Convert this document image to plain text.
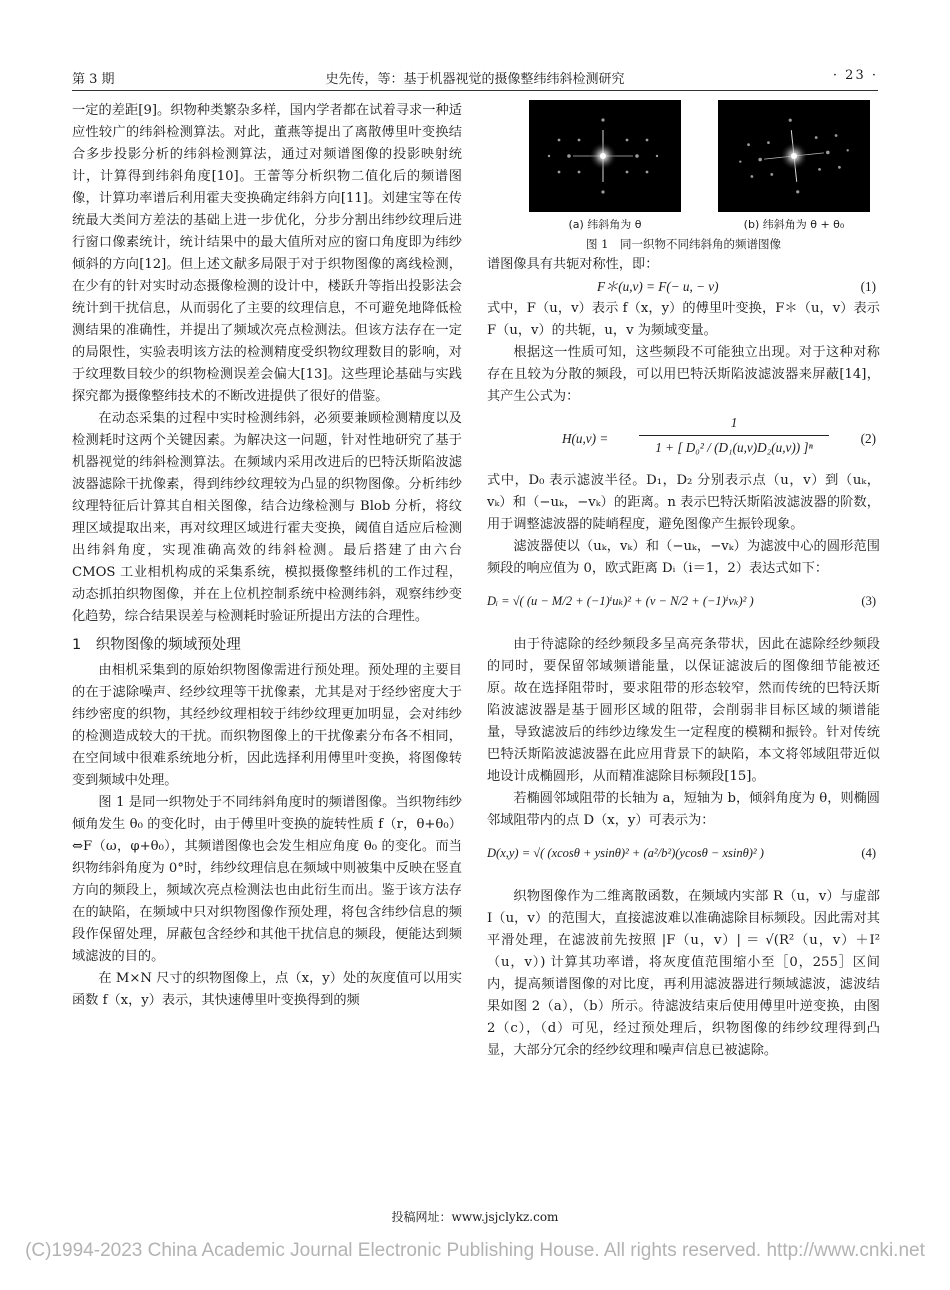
第 3 期	史先传，等：基于机器视觉的摄像整纬纬斜检测研究	· 23 ·

一定的差距[9]。织物种类繁杂多样，国内学者都在试着寻求一种适应性较广的纬斜检测算法。对此，董燕等提出了离散傅里叶变换结合多步投影分析的纬斜检测算法，通过对频谱图像的投影映射统计，计算得到纬斜角度[10]。王蕾等分析织物二值化后的频谱图像，计算功率谱后利用霍夫变换确定纬斜方向[11]。刘建宝等在传统最大类间方差法的基础上进一步优化，分步分割出纬纱纹理后进行窗口像素统计，统计结果中的最大值所对应的窗口角度即为纬纱倾斜的方向[12]。但上述文献多局限于对于织物图像的离线检测，在少有的针对实时动态摄像检测的设计中，楼跃升等指出投影法会统计到干扰信息，从而弱化了主要的纹理信息，不可避免地降低检测结果的准确性，并提出了频域次亮点检测法。但该方法存在一定的局限性，实验表明该方法的检测精度受织物纹理数目的影响，对于纹理数目较少的织物检测误差会偏大[13]。这些理论基础与实践探究都为摄像整纬技术的不断改进提供了很好的借鉴。

在动态采集的过程中实时检测纬斜，必须要兼顾检测精度以及检测耗时这两个关键因素。为解决这一问题，针对性地研究了基于机器视觉的纬斜检测算法。在频域内采用改进后的巴特沃斯陷波滤波器滤除干扰像素，得到纬纱纹理较为凸显的织物图像。分析纬纱纹理特征后计算其自相关图像，结合边缘检测与 Blob 分析，将纹理区域提取出来，再对纹理区域进行霍夫变换，阈值自适应后检测出纬斜角度，实现准确高效的纬斜检测。最后搭建了由六台 CMOS 工业相机构成的采集系统，模拟摄像整纬机的工作过程，动态抓拍织物图像，并在上位机控制系统中检测纬斜，观察纬纱变化趋势，综合结果误差与检测耗时验证所提出方法的合理性。

1　织物图像的频域预处理

由相机采集到的原始织物图像需进行预处理。预处理的主要目的在于滤除噪声、经纱纹理等干扰像素，尤其是对于经纱密度大于纬纱密度的织物，其经纱纹理相较于纬纱纹理更加明显，会对纬纱的检测造成较大的干扰。而织物图像上的干扰像素分布各不相同，在空间域中很难系统地分析，因此选择利用傅里叶变换，将图像转变到频域中处理。

图 1 是同一织物处于不同纬斜角度时的频谱图像。当织物纬纱倾角发生 θ₀ 的变化时，由于傅里叶变换的旋转性质 f（r，θ+θ₀）⇔F（ω，φ+θ₀），其频谱图像也会发生相应角度 θ₀ 的变化。而当织物纬斜角度为 0°时，纬纱纹理信息在频域中则被集中反映在竖直方向的频段上，频域次亮点检测法也由此衍生而出。鉴于该方法存在的缺陷，在频域中只对织物图像作预处理，将包含纬纱信息的频段作保留处理，屏蔽包含经纱和其他干扰信息的频段，便能达到频域滤波的目的。

在 M×N 尺寸的织物图像上，点（x，y）处的灰度值可以用实函数 f（x，y）表示，其快速傅里叶变换得到的频

(a) 纬斜角为 θ	(b) 纬斜角为 θ + θ₀

图 1　同一织物不同纬斜角的频谱图像

谱图像具有共轭对称性，即：

F＊(u,v) = F(− u, − v)	(1)

式中，F（u，v）表示 f（x，y）的傅里叶变换，F＊（u，v）表示 F（u，v）的共轭，u，v 为频域变量。

根据这一性质可知，这些频段不可能独立出现。对于这种对称存在且较为分散的频段，可以用巴特沃斯陷波滤波器来屏蔽[14]，其产生公式为：

H(u,v) =
1
1 + [ D₀² / (D₁(u,v)D₂(u,v)) ]ⁿ
(2)

式中，D₀ 表示滤波半径。D₁，D₂ 分别表示点（u，v）到（uₖ，vₖ）和（−uₖ，−vₖ）的距离。n 表示巴特沃斯陷波滤波器的阶数，用于调整滤波器的陡峭程度，避免图像产生振铃现象。

滤波器使以（uₖ，vₖ）和（−uₖ，−vₖ）为滤波中心的圆形范围频段的响应值为 0，欧式距离 Dᵢ（i＝1，2）表达式如下：

Dᵢ = √( (u − M/2 + (−1)ⁱuₖ)² + (v − N/2 + (−1)ⁱvₖ)² )	(3)

由于待滤除的经纱频段多呈高亮条带状，因此在滤除经纱频段的同时，要保留邻域频谱能量，以保证滤波后的图像细节能被还原。故在选择阻带时，要求阻带的形态较窄，然而传统的巴特沃斯陷波滤波器是基于圆形区域的阻带，会削弱非目标区域的频谱能量，导致滤波后的纬纱边缘发生一定程度的模糊和振铃。针对传统巴特沃斯陷波滤波器在此应用背景下的缺陷，本文将邻域阻带近似地设计成椭圆形，从而精准滤除目标频段[15]。

若椭圆邻域阻带的长轴为 a，短轴为 b，倾斜角度为 θ，则椭圆邻域阻带内的点 D（x，y）可表示为：

D(x,y) = √( (xcosθ + ysinθ)² + (a²/b²)(ycosθ − xsinθ)² )	(4)

织物图像作为二维离散函数，在频域内实部 R（u，v）与虚部 I（u，v）的范围大，直接滤波难以准确滤除目标频段。因此需对其平滑处理，在滤波前先按照 |F（u，v）| ＝ √(R²（u，v）＋I²（u，v）) 计算其功率谱，将灰度值范围缩小至［0，255］区间内，提高频谱图像的对比度，再利用滤波器进行频域滤波，滤波结果如图 2（a），（b）所示。待滤波结束后使用傅里叶逆变换，由图 2（c），（d）可见，经过预处理后，织物图像的纬纱纹理得到凸显，大部分冗余的经纱纹理和噪声信息已被滤除。

投稿网址：www.jsjclykz.com
(C)1994-2023 China Academic Journal Electronic Publishing House. All rights reserved. http://www.cnki.net
